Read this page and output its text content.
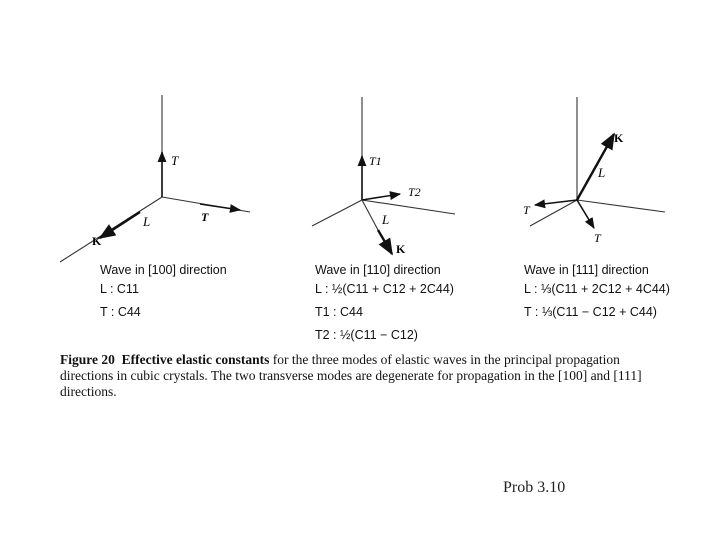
T
L	T
K
T1
T2
L
K
K
L
T
T
Wave in [100] direction
L : C11
T : C44
Wave in [110] direction
L : ½(C11 + C12 + 2C44)
T1 : C44
T2 : ½(C11 − C12)
Wave in [111] direction
L : ⅓(C11 + 2C12 + 4C44)
T : ⅓(C11 − C12 + C44)
Figure 20 Effective elastic constants for the three modes of elastic waves in the principal propagation directions in cubic crystals. The two transverse modes are degenerate for propagation in the [100] and [111] directions.
Prob 3.10
